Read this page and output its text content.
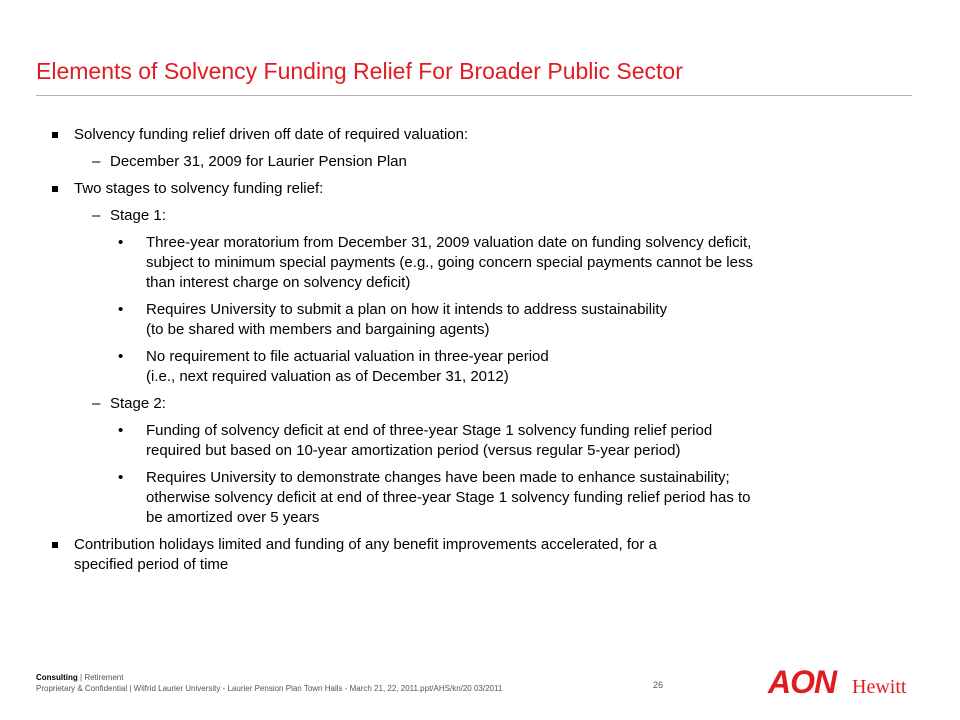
Elements of Solvency Funding Relief For Broader Public Sector
Solvency funding relief driven off date of required valuation:
– December 31, 2009 for Laurier Pension Plan
Two stages to solvency funding relief:
– Stage 1:
• Three-year moratorium from December 31, 2009 valuation date on funding solvency deficit,
subject to minimum special payments (e.g., going concern special payments cannot be less
than interest charge on solvency deficit)
• Requires University to submit a plan on how it intends to address sustainability
(to be shared with members and bargaining agents)
• No requirement to file actuarial valuation in three-year period
(i.e., next required valuation as of December 31, 2012)
– Stage 2:
• Funding of solvency deficit at end of three-year Stage 1 solvency funding relief period
required but based on 10-year amortization period (versus regular 5-year period)
• Requires University to demonstrate changes have been made to enhance sustainability;
otherwise solvency deficit at end of three-year Stage 1 solvency funding relief period has to
be amortized over 5 years
Contribution holidays limited and funding of any benefit improvements accelerated, for a
specified period of time
Consulting | Retirement
Proprietary & Confidential | Wilfrid Laurier University - Laurier Pension Plan Town Halls - March 21, 22, 2011.ppt/AHS/kn/20 03/2011	26	AON Hewitt
